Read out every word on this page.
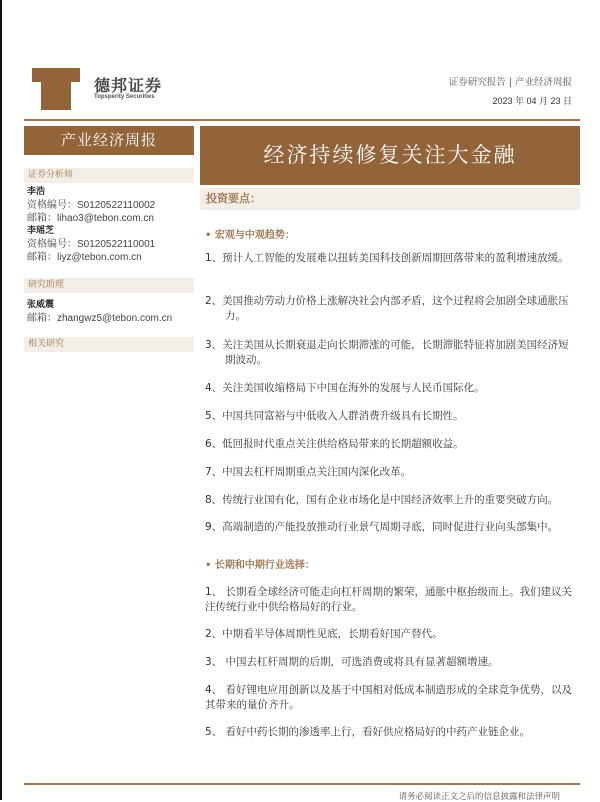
德邦证券
Topsperity Securities
证券研究报告 | 产业经济周报
2023 年 04 月 23 日
产业经济周报
经济持续修复关注大金融
投资要点：
证券分析师
李浩
资格编号：S0120522110002
邮箱：lihao3@tebon.com.cn
李瑶芝
资格编号：S0120522110001
邮箱：liyz@tebon.com.cn
研究助理
张威震
邮箱：zhangwz5@tebon.com.cn
相关研究
• 宏观与中观趋势：
1、预计人工智能的发展难以扭转美国科技创新周期回落带来的盈利增速放缓。
2、美国推动劳动力价格上涨解决社会内部矛盾，这个过程将会加剧全球通胀压力。
3、关注美国从长期衰退走向长期滞涨的可能，长期滞胀特征将加剧美国经济短期波动。
4、关注美国收缩格局下中国在海外的发展与人民币国际化。
5、中国共同富裕与中低收入人群消费升级具有长期性。
6、低回报时代重点关注供给格局带来的长期超额收益。
7、中国去杠杆周期重点关注国内深化改革。
8、传统行业国有化，国有企业市场化是中国经济效率上升的重要突破方向。
9、高端制造的产能投放推动行业景气周期寻底，同时促进行业向头部集中。
• 长期和中期行业选择：
1、 长期看全球经济可能走向杠杆周期的繁荣，通胀中枢抬级而上。我们建议关注传统行业中供给格局好的行业。
2、中期看半导体周期性见底，长期看好国产替代。
3、 中国去杠杆周期的后期，可选消费或将具有显著超额增速。
4、 看好锂电应用创新以及基于中国相对低成本制造形成的全球竞争优势，以及其带来的量价齐升。
5、 看好中药长期的渗透率上行，看好供应格局好的中药产业链企业。
请务必阅读正文之后的信息披露和法律声明
